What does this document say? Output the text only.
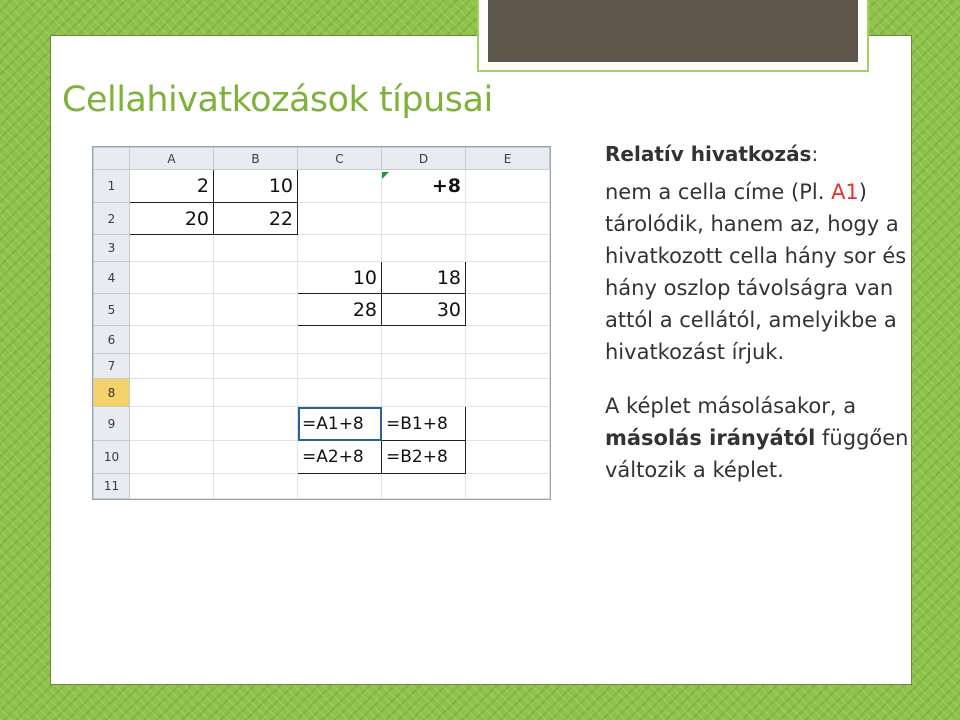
Cellahivatkozások típusai
	A	B	C	D	E
1	2	10		+8	
2	20	22			
3					
4			10	18	
5			28	30	
6					
7					
8					
9			=A1+8	=B1+8	
10			=A2+8	=B2+8	
11					

Relatív hivatkozás:

nem a cella címe (Pl. A1) tárolódik, hanem az, hogy a hivatkozott cella hány sor és hány oszlop távolságra van attól a cellától, amelyikbe a hivatkozást írjuk.

A képlet másolásakor, a másolás irányától függően változik a képlet.
